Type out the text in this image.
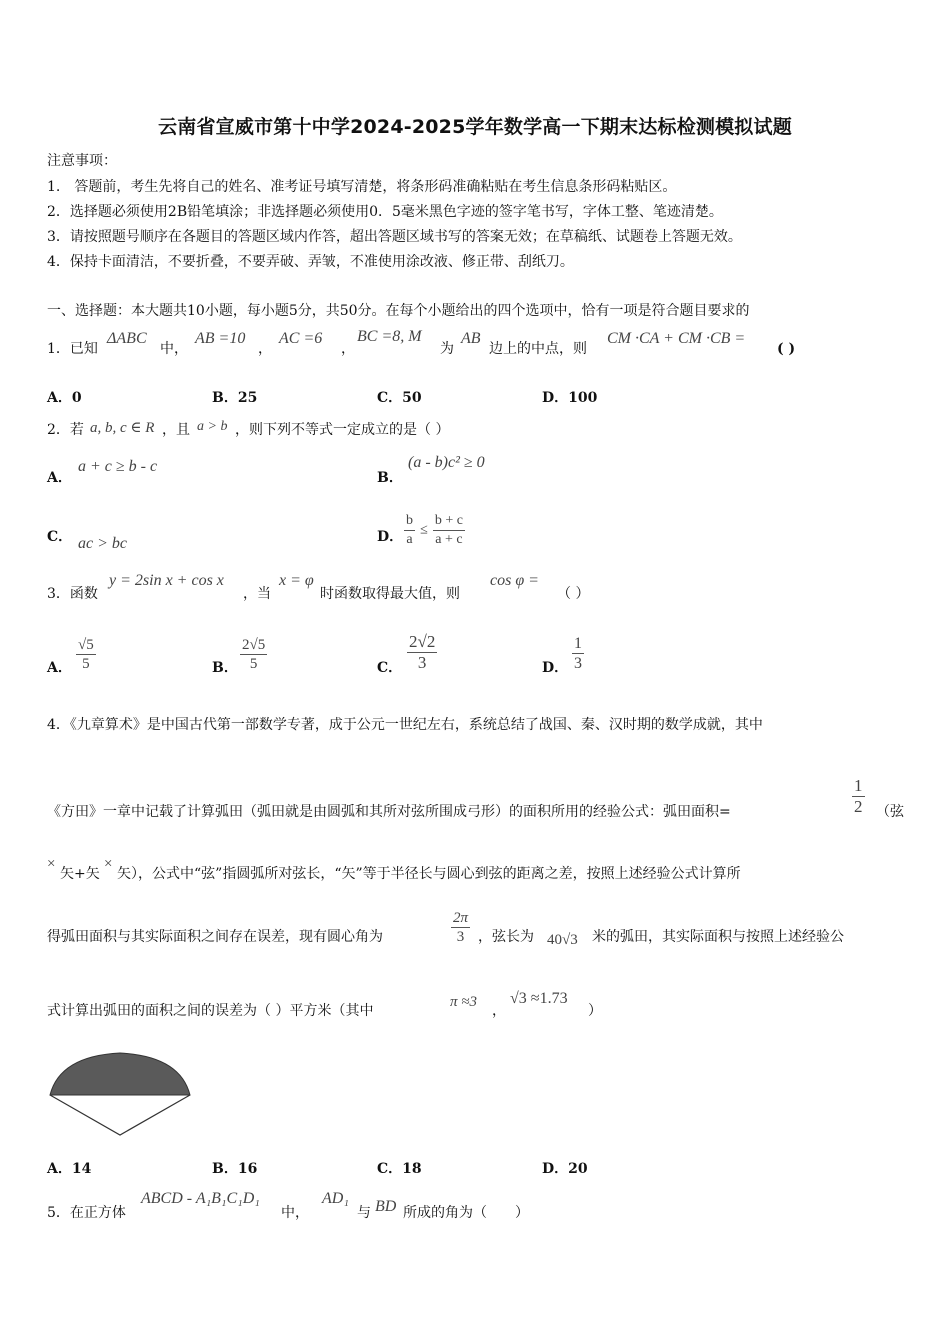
云南省宣威市第十中学2024-2025学年数学高一下期末达标检测模拟试题
注意事项：
1.　答题前，考生先将自己的姓名、准考证号填写清楚，将条形码准确粘贴在考生信息条形码粘贴区。
2．选择题必须使用2B铅笔填涂；非选择题必须使用0．5毫米黑色字迹的签字笔书写，字体工整、笔迹清楚。
3．请按照题号顺序在各题目的答题区域内作答，超出答题区域书写的答案无效；在草稿纸、试题卷上答题无效。
4．保持卡面清洁，不要折叠，不要弄破、弄皱，不准使用涂改液、修正带、刮纸刀。
一、选择题：本大题共10小题，每小题5分，共50分。在每个小题给出的四个选项中，恰有一项是符合题目要求的
1．已知
ΔABC
中，
AB =10
，
AC =6
，
BC =8, M
为
AB
边上的中点，则
CM ·CA + CM ·CB =
( )
A．0	B．25	C．50	D．100
2．若 a, b, c ∈ R ，且 a > b ，则下列不等式一定成立的是（ ）
A．
a + c ≥ b - c
B．
(a - b)c² ≥ 0
C． ac > bc	D． $\frac{b}{a} \le \frac{b + c}{a + c}$
3．函数
y = 2sin x + cos x
，当
x = φ
时函数取得最大值，则
cos φ =
（ ）
A． $\frac{√5}{5}$	B． $\frac{2√5}{5}$	C． $\frac{2√2}{3}$	D． $\frac{1}{3}$
4．《九章算术》是中国古代第一部数学专著，成于公元一世纪左右，系统总结了战国、秦、汉时期的数学成就，其中
《方田》一章中记载了计算弧田（弧田就是由圆弧和其所对弦所围成弓形）的面积所用的经验公式：弧田面积=	$\frac{1}{2}$ （弦
×
矢+矢
×
矢），公式中“弦”指圆弧所对弦长，“矢”等于半径长与圆心到弦的距离之差，按照上述经验公式计算所
得弧田面积与其实际面积之间存在误差，现有圆心角为	$\frac{2\pi}{3}$ ，弦长为 40√3 米的弧田，其实际面积与按照上述经验公
式计算出弧田的面积之间的误差为（ ）平方米（其中
π ≈3
，
√3 ≈1.73
）
A．14	B．16	C．18	D．20
5．在正方体
ABCD - A₁B₁C₁D₁
中，
AD₁
与 BD 所成的角为（　　）
